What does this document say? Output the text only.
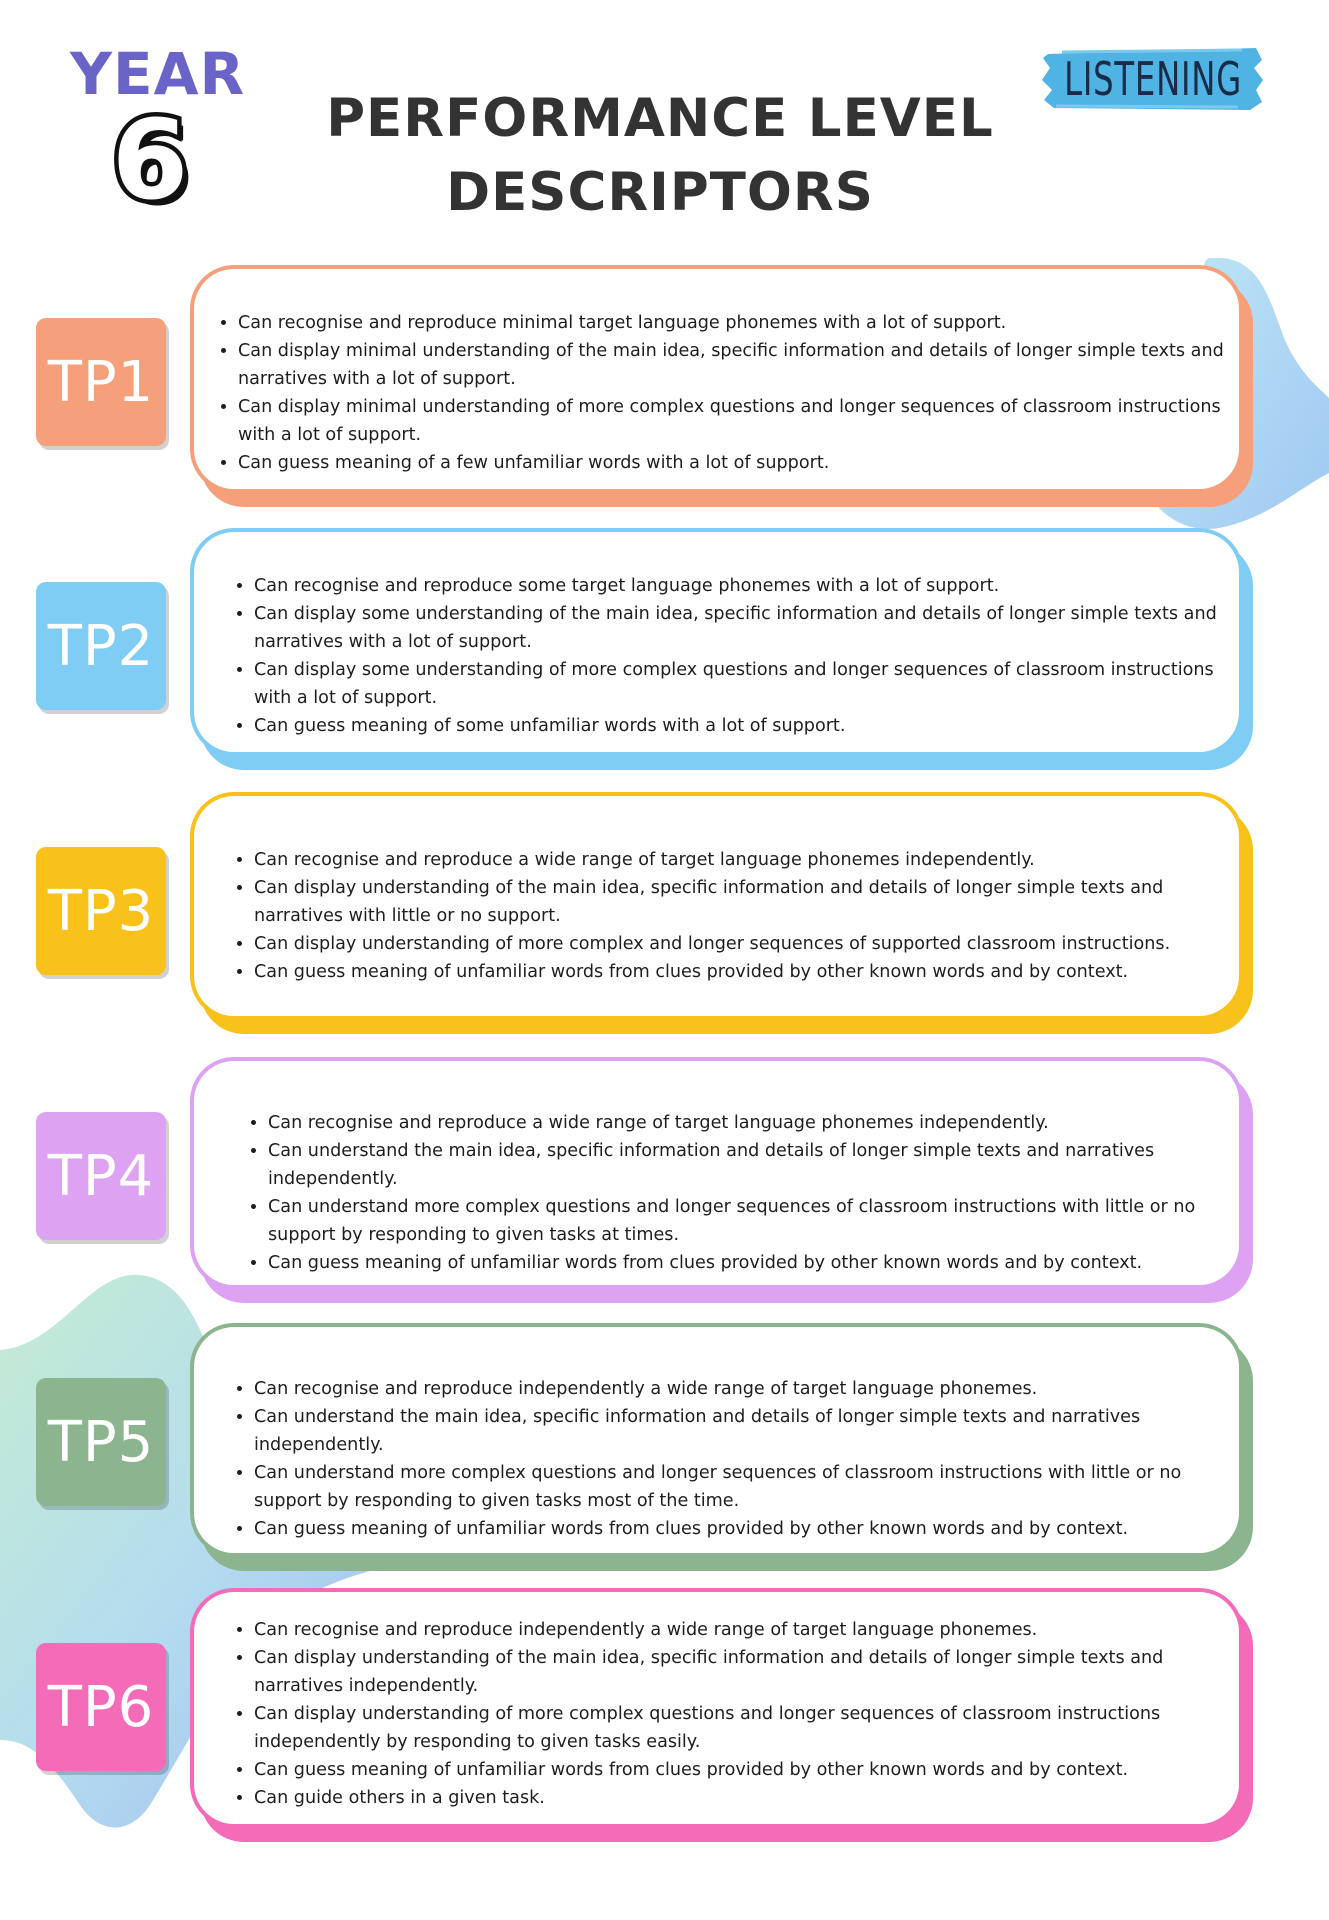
YEAR
6	PERFORMANCE LEVEL
DESCRIPTORS
LISTENING
TP1
• Can recognise and reproduce minimal target language phonemes with a lot of support.
• Can display minimal understanding of the main idea, specific information and details of longer simple texts and narratives with a lot of support.
• Can display minimal understanding of more complex questions and longer sequences of classroom instructions with a lot of support.
• Can guess meaning of a few unfamiliar words with a lot of support.
TP2
• Can recognise and reproduce some target language phonemes with a lot of support.
• Can display some understanding of the main idea, specific information and details of longer simple texts and narratives with a lot of support.
• Can display some understanding of more complex questions and longer sequences of classroom instructions with a lot of support.
• Can guess meaning of some unfamiliar words with a lot of support.
TP3
• Can recognise and reproduce a wide range of target language phonemes independently.
• Can display understanding of the main idea, specific information and details of longer simple texts and narratives with little or no support.
• Can display understanding of more complex and longer sequences of supported classroom instructions.
• Can guess meaning of unfamiliar words from clues provided by other known words and by context.
TP4
• Can recognise and reproduce a wide range of target language phonemes independently.
• Can understand the main idea, specific information and details of longer simple texts and narratives independently.
• Can understand more complex questions and longer sequences of classroom instructions with little or no support by responding to given tasks at times.
• Can guess meaning of unfamiliar words from clues provided by other known words and by context.
TP5
• Can recognise and reproduce independently a wide range of target language phonemes.
• Can understand the main idea, specific information and details of longer simple texts and narratives independently.
• Can understand more complex questions and longer sequences of classroom instructions with little or no support by responding to given tasks most of the time.
• Can guess meaning of unfamiliar words from clues provided by other known words and by context.
TP6
• Can recognise and reproduce independently a wide range of target language phonemes.
• Can display understanding of the main idea, specific information and details of longer simple texts and narratives independently.
• Can display understanding of more complex questions and longer sequences of classroom instructions independently by responding to given tasks easily.
• Can guess meaning of unfamiliar words from clues provided by other known words and by context.
• Can guide others in a given task.
